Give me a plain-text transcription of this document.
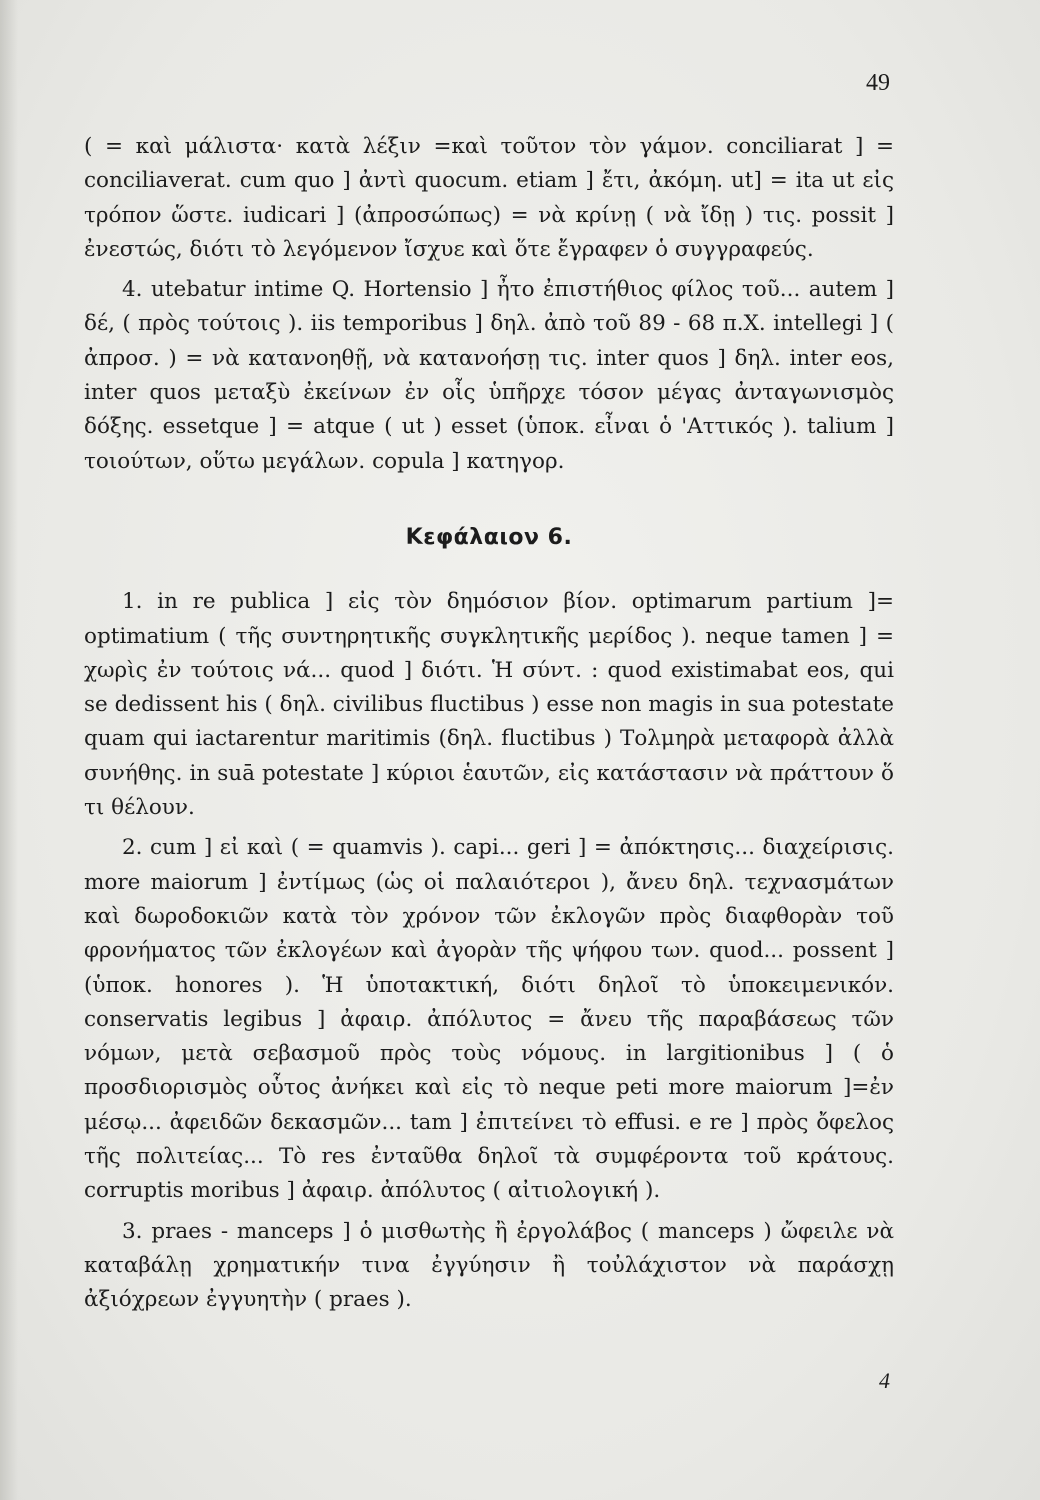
49

( = καὶ μάλιστα· κατὰ λέξιν =καὶ τοῦτον τὸν γάμον. conciliarat ] = conciliaverat. cum quo ] ἀντὶ quocum. etiam ] ἔτι, ἀκόμη. ut] = ita ut εἰς τρόπον ὥστε. iudicari ] (ἀπροσώπως) = νὰ κρίνῃ ( νὰ ἴδῃ ) τις. possit ] ἐνεστώς, διότι τὸ λεγόμενον ἴσχυε καὶ ὅτε ἔγραφεν ὁ συγγραφεύς.

4. utebatur intime Q. Hortensio ] ἦτο ἐπιστήθιος φίλος τοῦ... autem ] δέ, ( πρὸς τούτοις ). iis temporibus ] δηλ. ἀπὸ τοῦ 89 - 68 π.Χ. intellegi ] ( ἀπροσ. ) = νὰ κατανοηθῇ, νὰ κατανοήσῃ τις. inter quos ] δηλ. inter eos, inter quos μεταξὺ ἐκείνων ἐν οἷς ὑπῆρχε τόσον μέγας ἀνταγωνισμὸς δόξης. essetque ] = atque ( ut ) esset (ὑποκ. εἶναι ὁ 'Αττικός ). talium ] τοιούτων, οὕτω μεγάλων. copula ] κατηγορ.

Κεφάλαιον 6.

1. in re publica ] εἰς τὸν δημόσιον βίον. optimarum partium ]= optimatium ( τῆς συντηρητικῆς συγκλητικῆς μερίδος ). neque tamen ] = χωρὶς ἐν τούτοις νά... quod ] διότι. Ἡ σύντ. : quod existimabat eos, qui se dedissent his ( δηλ. civilibus fluctibus ) esse non magis in sua potestate quam qui iactarentur maritimis (δηλ. fluctibus ) Τολμηρὰ μεταφορὰ ἀλλὰ συνήθης. in suā potestate ] κύριοι ἑαυτῶν, εἰς κατάστασιν νὰ πράττουν ὅ τι θέλουν.

2. cum ] εἰ καὶ ( = quamvis ). capi... geri ] = ἀπόκτησις... διαχείρισις. more maiorum ] ἐντίμως (ὡς οἱ παλαιότεροι ), ἄνευ δηλ. τεχνασμάτων καὶ δωροδοκιῶν κατὰ τὸν χρόνον τῶν ἐκλογῶν πρὸς διαφθορὰν τοῦ φρονήματος τῶν ἐκλογέων καὶ ἀγορὰν τῆς ψήφου των. quod... possent ] (ὑποκ. honores ). Ἡ ὑποτακτική, διότι δηλοῖ τὸ ὑποκειμενικόν. conservatis legibus ] ἀφαιρ. ἀπόλυτος = ἄνευ τῆς παραβάσεως τῶν νόμων, μετὰ σεβασμοῦ πρὸς τοὺς νόμους. in largitionibus ] ( ὁ προσδιορισμὸς οὗτος ἀνήκει καὶ εἰς τὸ neque peti more maiorum ]=ἐν μέσῳ... ἀφειδῶν δεκασμῶν... tam ] ἐπιτείνει τὸ effusi. e re ] πρὸς ὄφελος τῆς πολιτείας... Τὸ res ἐνταῦθα δηλοῖ τὰ συμφέροντα τοῦ κράτους. corruptis moribus ] ἀφαιρ. ἀπόλυτος ( αἰτιολογική ).

3. praes - manceps ] ὁ μισθωτὴς ἢ ἐργολάβος ( manceps ) ὤφειλε νὰ καταβάλῃ χρηματικήν τινα ἐγγύησιν ἢ τοὐλάχιστον νὰ παράσχῃ ἀξιόχρεων ἐγγυητὴν ( praes ).

4
